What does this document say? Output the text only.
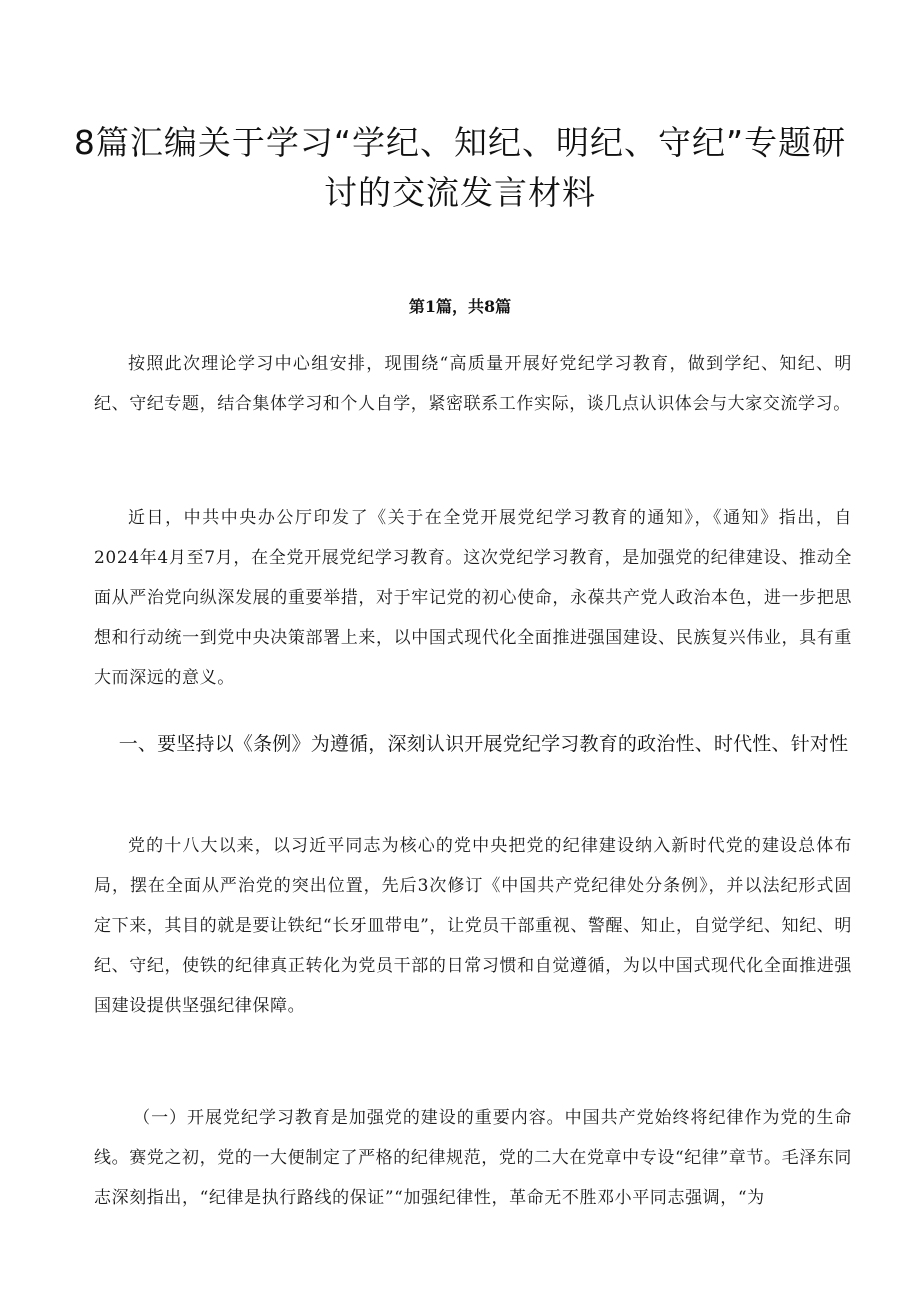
8篇汇编关于学习“学纪、知纪、明纪、守纪”专题研讨的交流发言材料
第1篇，共8篇

按照此次理论学习中心组安排，现围绕“高质量开展好党纪学习教育，做到学纪、知纪、明纪、守纪专题，结合集体学习和个人自学，紧密联系工作实际，谈几点认识体会与大家交流学习。

近日，中共中央办公厅印发了《关于在全党开展党纪学习教育的通知》，《通知》指出，自2024年4月至7月，在全党开展党纪学习教育。这次党纪学习教育，是加强党的纪律建设、推动全面从严治党向纵深发展的重要举措，对于牢记党的初心使命，永葆共产党人政治本色，进一步把思想和行动统一到党中央决策部署上来，以中国式现代化全面推进强国建设、民族复兴伟业，具有重大而深远的意义。

一、要坚持以《条例》为遵循，深刻认识开展党纪学习教育的政治性、时代性、针对性

党的十八大以来，以习近平同志为核心的党中央把党的纪律建设纳入新时代党的建设总体布局，摆在全面从严治党的突出位置，先后3次修订《中国共产党纪律处分条例》，并以法纪形式固定下来，其目的就是要让铁纪“长牙皿带电”，让党员干部重视、警醒、知止，自觉学纪、知纪、明纪、守纪，使铁的纪律真正转化为党员干部的日常习惯和自觉遵循，为以中国式现代化全面推进强国建设提供坚强纪律保障。

（一）开展党纪学习教育是加强党的建设的重要内容。中国共产党始终将纪律作为党的生命线。赛党之初，党的一大便制定了严格的纪律规范，党的二大在党章中专设“纪律”章节。毛泽东同志深刻指出，“纪律是执行路线的保证”“加强纪律性，革命无不胜邓小平同志强调，“为
